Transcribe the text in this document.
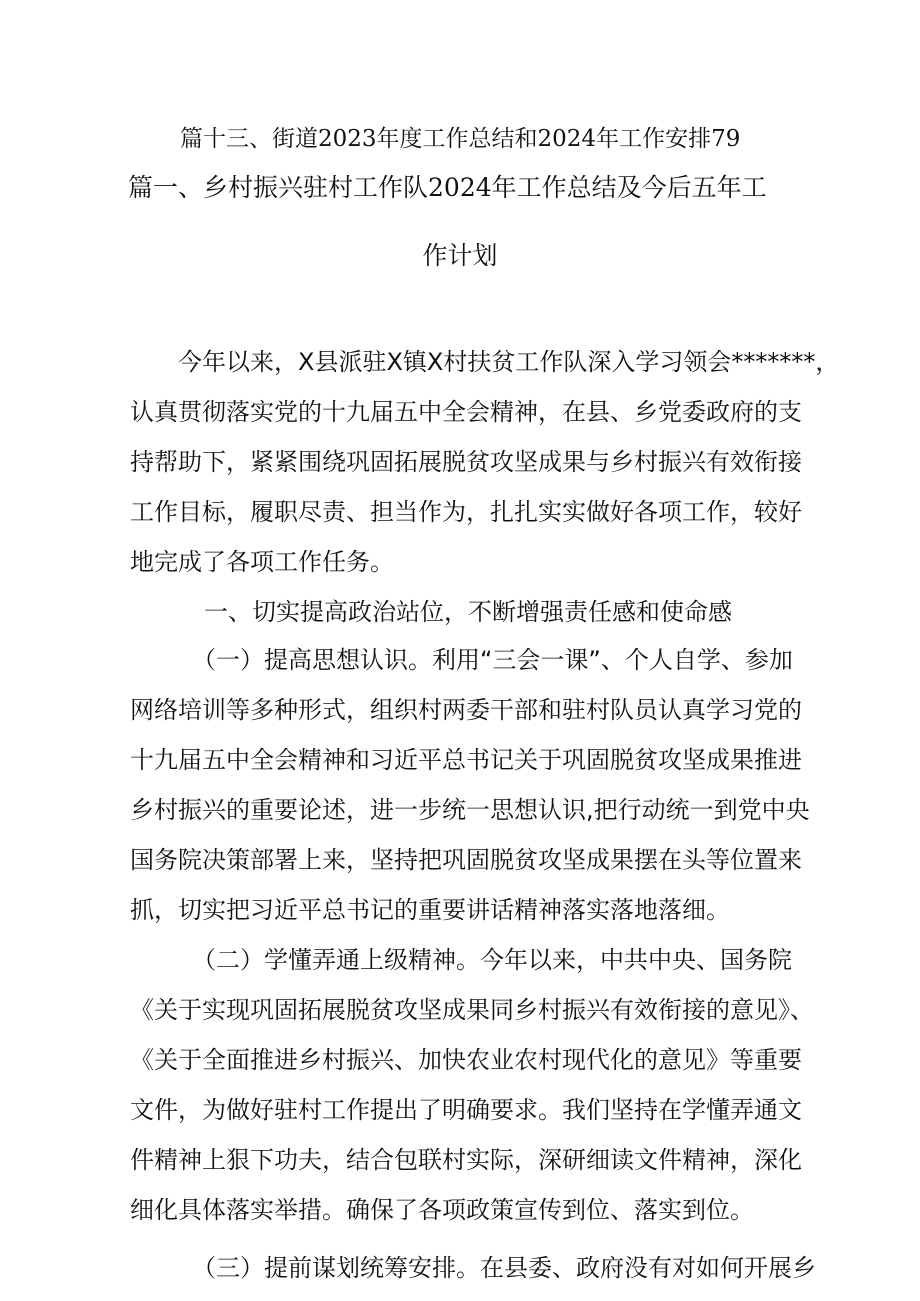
篇十三、街道2023年度工作总结和2024年工作安排79
篇一、乡村振兴驻村工作队2024年工作总结及今后五年工
作计划
今年以来，X县派驻X镇X村扶贫工作队深入学习领会*******，
认真贯彻落实党的十九届五中全会精神，在县、乡党委政府的支
持帮助下，紧紧围绕巩固拓展脱贫攻坚成果与乡村振兴有效衔接
工作目标，履职尽责、担当作为，扎扎实实做好各项工作，较好
地完成了各项工作任务。
一、切实提高政治站位，不断增强责任感和使命感
（一）提高思想认识。利用“三会一课”、个人自学、参加
网络培训等多种形式，组织村两委干部和驻村队员认真学习党的
十九届五中全会精神和习近平总书记关于巩固脱贫攻坚成果推进
乡村振兴的重要论述，进一步统一思想认识,把行动统一到党中央
国务院决策部署上来，坚持把巩固脱贫攻坚成果摆在头等位置来
抓，切实把习近平总书记的重要讲话精神落实落地落细。
（二）学懂弄通上级精神。今年以来，中共中央、国务院
《关于实现巩固拓展脱贫攻坚成果同乡村振兴有效衔接的意见》、
《关于全面推进乡村振兴、加快农业农村现代化的意见》等重要
文件，为做好驻村工作提出了明确要求。我们坚持在学懂弄通文
件精神上狠下功夫，结合包联村实际，深研细读文件精神，深化
细化具体落实举措。确保了各项政策宣传到位、落实到位。
（三）提前谋划统筹安排。在县委、政府没有对如何开展乡
